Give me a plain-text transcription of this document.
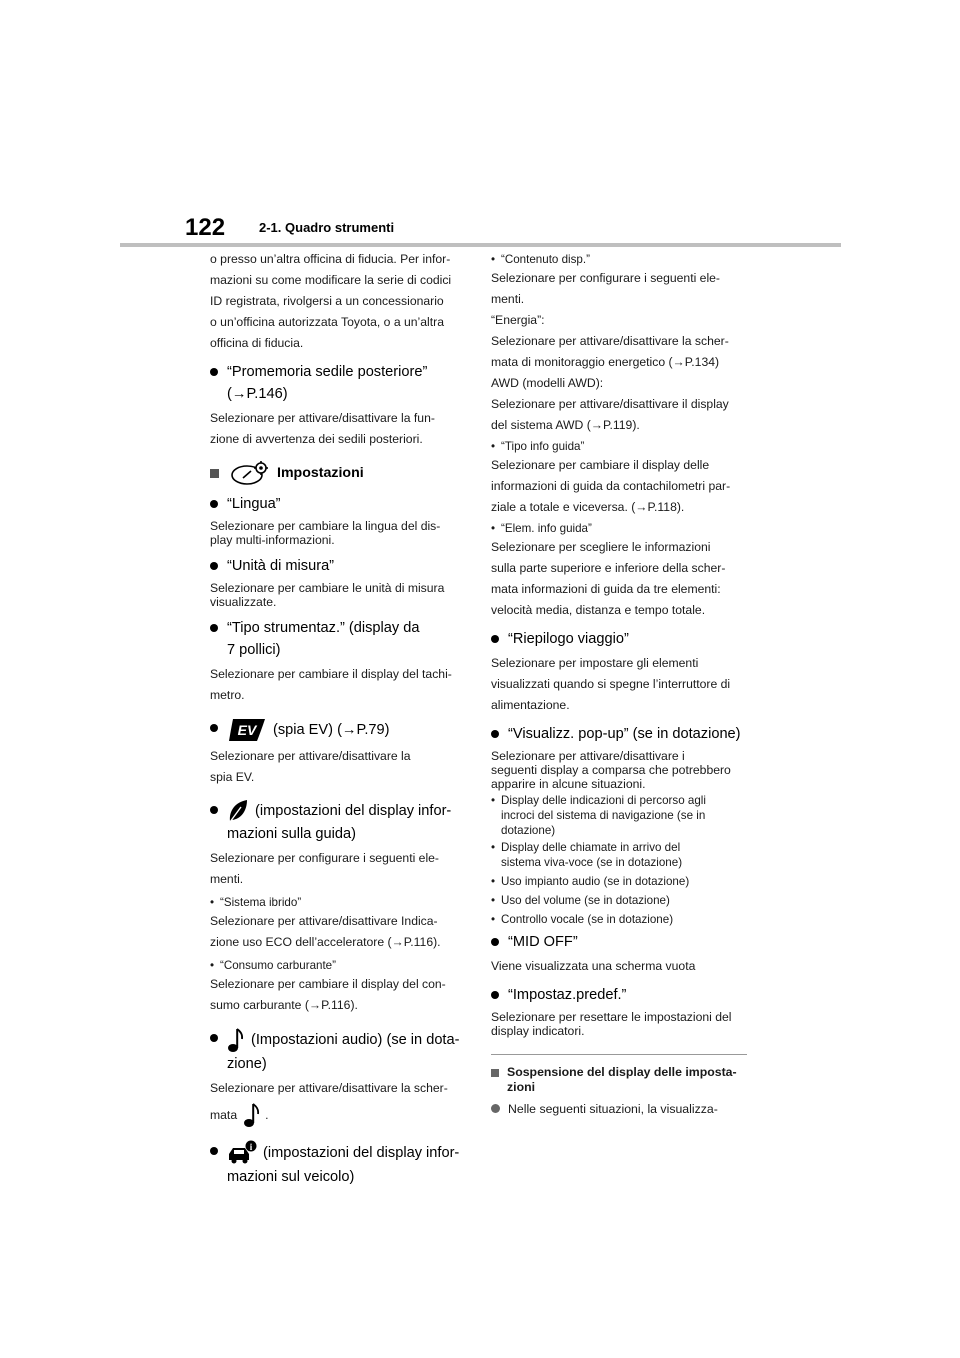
122	2-1. Quadro strumenti

o presso un’altra officina di fiducia. Per infor-

mazioni su come modificare la serie di codici

ID registrata, rivolgersi a un concessionario

o un’officina autorizzata Toyota, o a un’altra

officina di fiducia.

“Promemoria sedile posteriore”
(→P.146)

Selezionare per attivare/disattivare la fun-

zione di avvertenza dei sedili posteriori.

Impostazioni
“Lingua”

Selezionare per cambiare la lingua del dis-
play multi-informazioni.

“Unità di misura”

Selezionare per cambiare le unità di misura
visualizzate.

“Tipo strumentaz.” (display da
7 pollici)

Selezionare per cambiare il display del tachi-

metro.

EV (spia EV) (→P.79)

Selezionare per attivare/disattivare la

spia EV.

(impostazioni del display infor-
mazioni sulla guida)

Selezionare per configurare i seguenti ele-

menti.

• “Sistema ibrido”

Selezionare per attivare/disattivare Indica-

zione uso ECO dell’acceleratore (→P.116).

• “Consumo carburante”

Selezionare per cambiare il display del con-

sumo carburante (→P.116).

(Impostazioni audio) (se in dota-
zione)

Selezionare per attivare/disattivare la scher-

mata .
i (impostazioni del display infor-
mazioni sul veicolo)
• “Contenuto disp.”

Selezionare per configurare i seguenti ele-

menti.

“Energia”:

Selezionare per attivare/disattivare la scher-

mata di monitoraggio energetico (→P.134)

AWD (modelli AWD):

Selezionare per attivare/disattivare il display

del sistema AWD (→P.119).

• “Tipo info guida”

Selezionare per cambiare il display delle

informazioni di guida da contachilometri par-

ziale a totale e viceversa. (→P.118).

• “Elem. info guida”

Selezionare per scegliere le informazioni

sulla parte superiore e inferiore della scher-

mata informazioni di guida da tre elementi:

velocità media, distanza e tempo totale.

“Riepilogo viaggio”

Selezionare per impostare gli elementi

visualizzati quando si spegne l’interruttore di

alimentazione.

“Visualizz. pop-up” (se in dotazione)

Selezionare per attivare/disattivare i
seguenti display a comparsa che potrebbero
apparire in alcune situazioni.

• Display delle indicazioni di percorso agli
incroci del sistema di navigazione (se in
dotazione)
• Display delle chiamate in arrivo del
sistema viva-voce (se in dotazione)
• Uso impianto audio (se in dotazione)
• Uso del volume (se in dotazione)
• Controllo vocale (se in dotazione)
“MID OFF”

Viene visualizzata una scherma vuota

“Impostaz.predef.”

Selezionare per resettare le impostazioni del
display indicatori.

Sospensione del display delle imposta-
zioni
Nelle seguenti situazioni, la visualizza-
